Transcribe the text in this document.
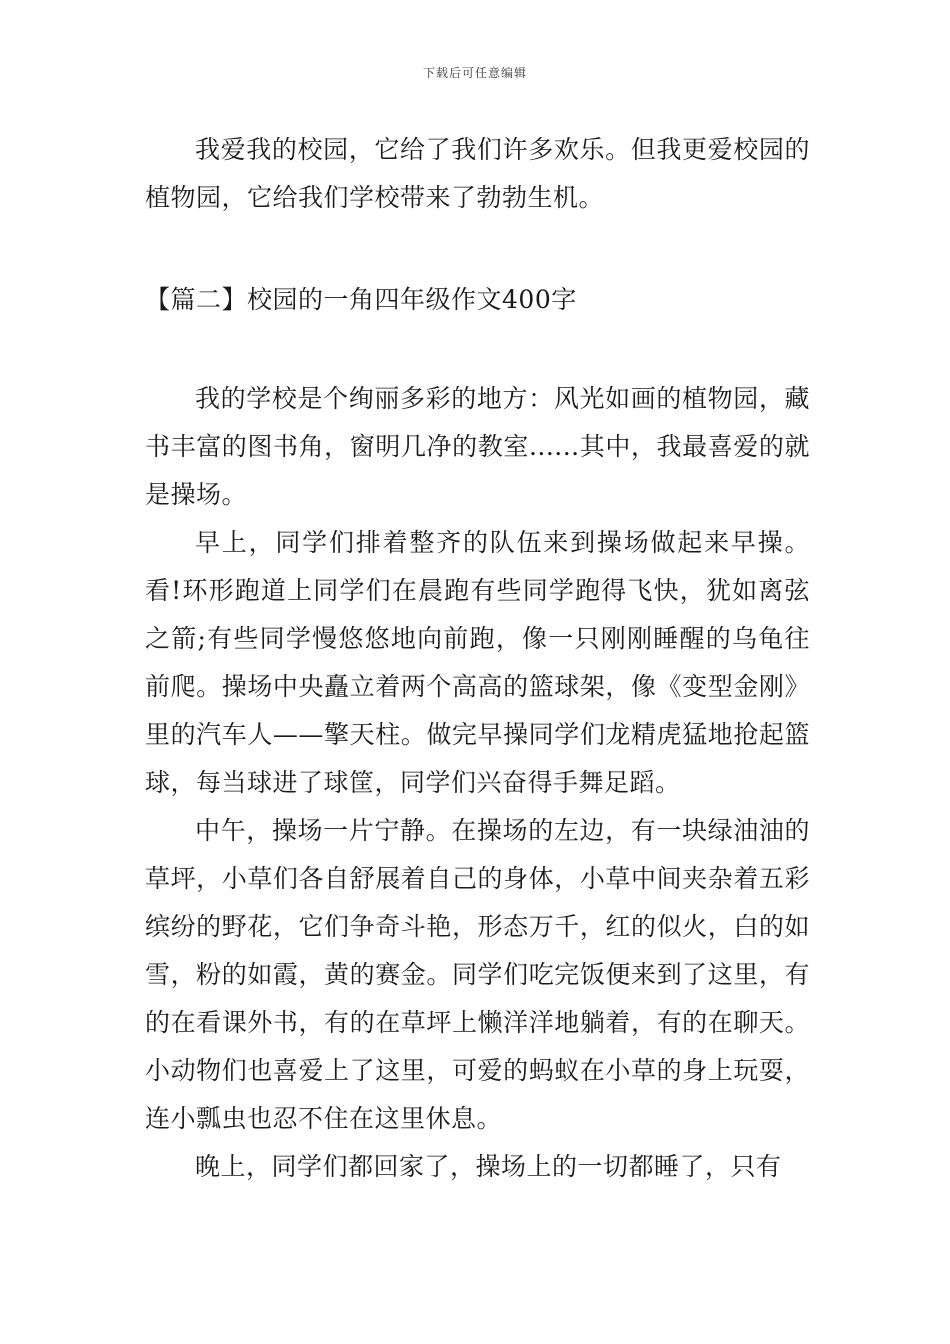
下载后可任意编辑

我爱我的校园，它给了我们许多欢乐。但我更爱校园的植物园，它给我们学校带来了勃勃生机。

【篇二】校园的一角四年级作文400字

我的学校是个绚丽多彩的地方：风光如画的植物园，藏书丰富的图书角，窗明几净的教室......其中，我最喜爱的就是操场。

早上，同学们排着整齐的队伍来到操场做起来早操。看!环形跑道上同学们在晨跑有些同学跑得飞快，犹如离弦之箭;有些同学慢悠悠地向前跑，像一只刚刚睡醒的乌龟往前爬。操场中央矗立着两个高高的篮球架，像《变型金刚》里的汽车人——擎天柱。做完早操同学们龙精虎猛地抢起篮球，每当球进了球筐，同学们兴奋得手舞足蹈。

中午，操场一片宁静。在操场的左边，有一块绿油油的草坪，小草们各自舒展着自己的身体，小草中间夹杂着五彩缤纷的野花，它们争奇斗艳，形态万千，红的似火，白的如雪，粉的如霞，黄的赛金。同学们吃完饭便来到了这里，有的在看课外书，有的在草坪上懒洋洋地躺着，有的在聊天。小动物们也喜爱上了这里，可爱的蚂蚁在小草的身上玩耍，连小瓢虫也忍不住在这里休息。

晚上，同学们都回家了，操场上的一切都睡了，只有
